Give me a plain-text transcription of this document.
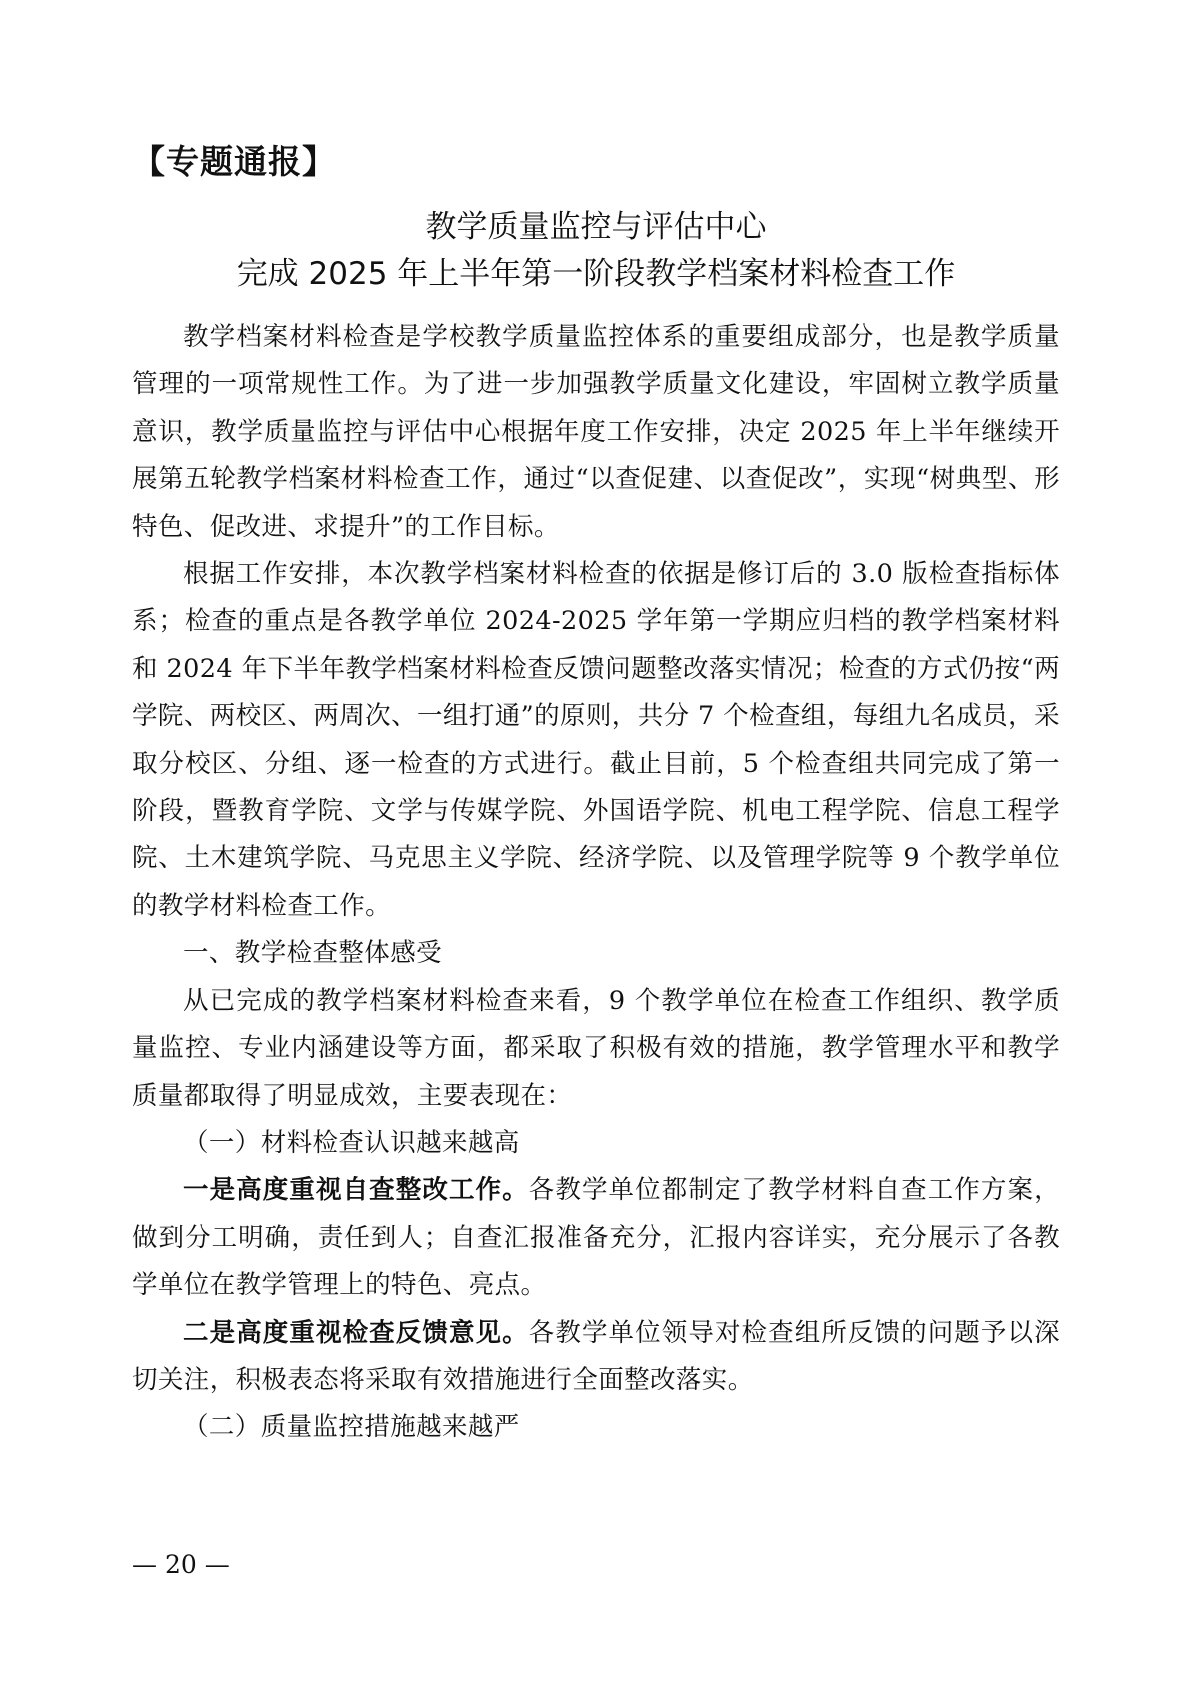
【专题通报】
教学质量监控与评估中心
完成 2025 年上半年第一阶段教学档案材料检查工作

教学档案材料检查是学校教学质量监控体系的重要组成部分，也是教学质量管理的一项常规性工作。为了进一步加强教学质量文化建设，牢固树立教学质量意识，教学质量监控与评估中心根据年度工作安排，决定 2025 年上半年继续开展第五轮教学档案材料检查工作，通过“以查促建、以查促改”，实现“树典型、形特色、促改进、求提升”的工作目标。

根据工作安排，本次教学档案材料检查的依据是修订后的 3.0 版检查指标体系；检查的重点是各教学单位 2024-2025 学年第一学期应归档的教学档案材料和 2024 年下半年教学档案材料检查反馈问题整改落实情况；检查的方式仍按“两学院、两校区、两周次、一组打通”的原则，共分 7 个检查组，每组九名成员，采取分校区、分组、逐一检查的方式进行。截止目前，5 个检查组共同完成了第一阶段，暨教育学院、文学与传媒学院、外国语学院、机电工程学院、信息工程学院、土木建筑学院、马克思主义学院、经济学院、以及管理学院等 9 个教学单位的教学材料检查工作。

一、教学检查整体感受

从已完成的教学档案材料检查来看，9 个教学单位在检查工作组织、教学质量监控、专业内涵建设等方面，都采取了积极有效的措施，教学管理水平和教学质量都取得了明显成效，主要表现在：

（一）材料检查认识越来越高

一是高度重视自查整改工作。各教学单位都制定了教学材料自查工作方案，做到分工明确，责任到人；自查汇报准备充分，汇报内容详实，充分展示了各教学单位在教学管理上的特色、亮点。

二是高度重视检查反馈意见。各教学单位领导对检查组所反馈的问题予以深切关注，积极表态将采取有效措施进行全面整改落实。

（二）质量监控措施越来越严

— 20 —
